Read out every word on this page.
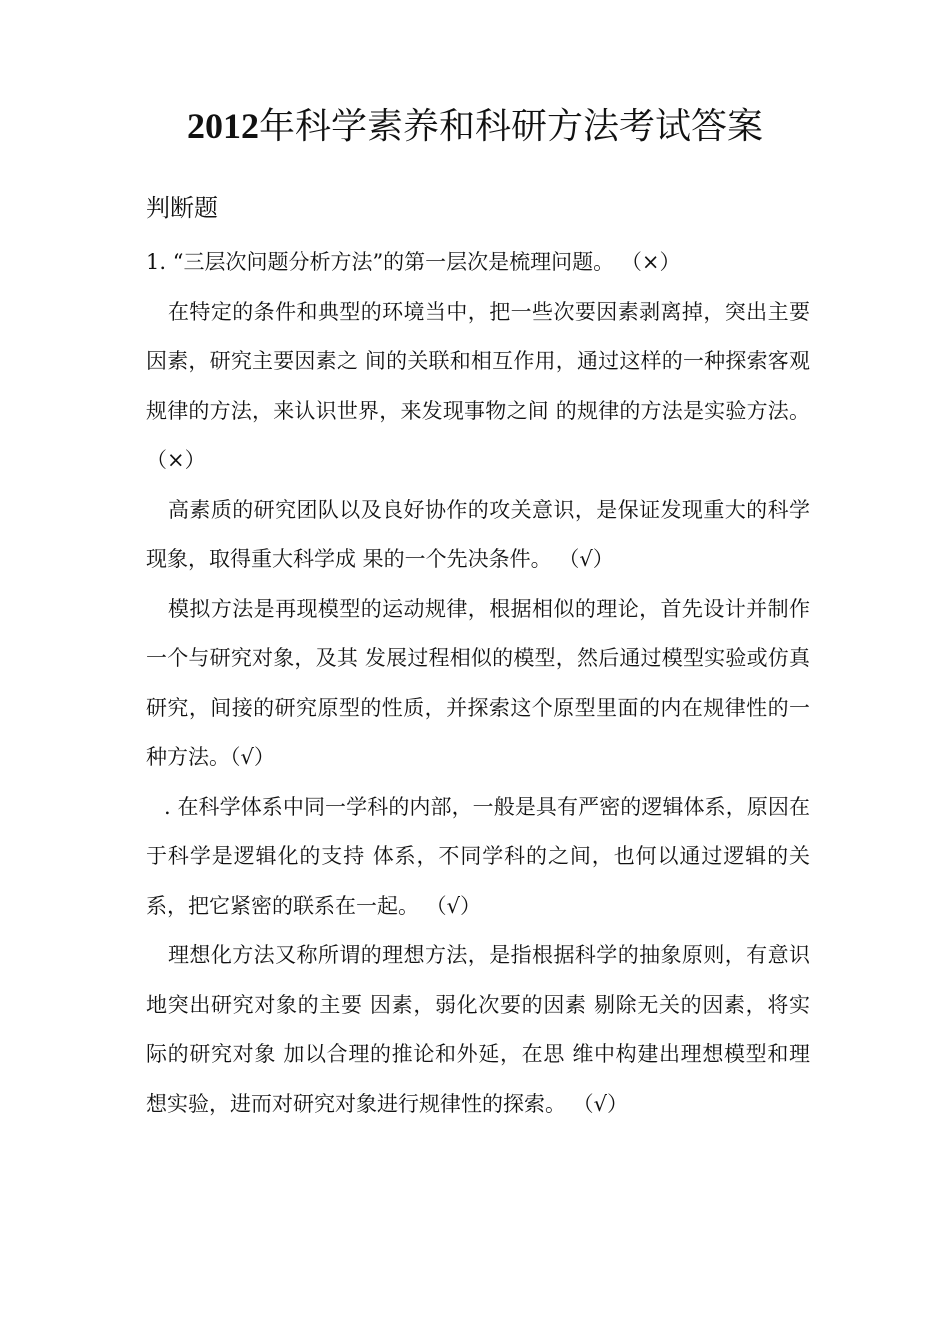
2012年科学素养和科研方法考试答案
判断题

1. “三层次问题分析方法”的第一层次是梳理问题。 （×）

在特定的条件和典型的环境当中，把一些次要因素剥离掉，突出主要因素，研究主要因素之 间的关联和相互作用，通过这样的一种探索客观规律的方法，来认识世界，来发现事物之间 的规律的方法是实验方法。 （×）

高素质的研究团队以及良好协作的攻关意识，是保证发现重大的科学现象，取得重大科学成 果的一个先决条件。 （√）

模拟方法是再现模型的运动规律，根据相似的理论，首先设计并制作一个与研究对象，及其 发展过程相似的模型，然后通过模型实验或仿真研究，间接的研究原型的性质，并探索这个原型里面的内在规律性的一种方法。（√）

. 在科学体系中同一学科的内部，一般是具有严密的逻辑体系，原因在于科学是逻辑化的支持 体系，不同学科的之间，也何以通过逻辑的关系，把它紧密的联系在一起。 （√）

理想化方法又称所谓的理想方法，是指根据科学的抽象原则，有意识地突出研究对象的主要 因素，弱化次要的因素 剔除无关的因素，将实际的研究对象 加以合理的推论和外延，在思 维中构建出理想模型和理想实验，进而对研究对象进行规律性的探索。 （√）
